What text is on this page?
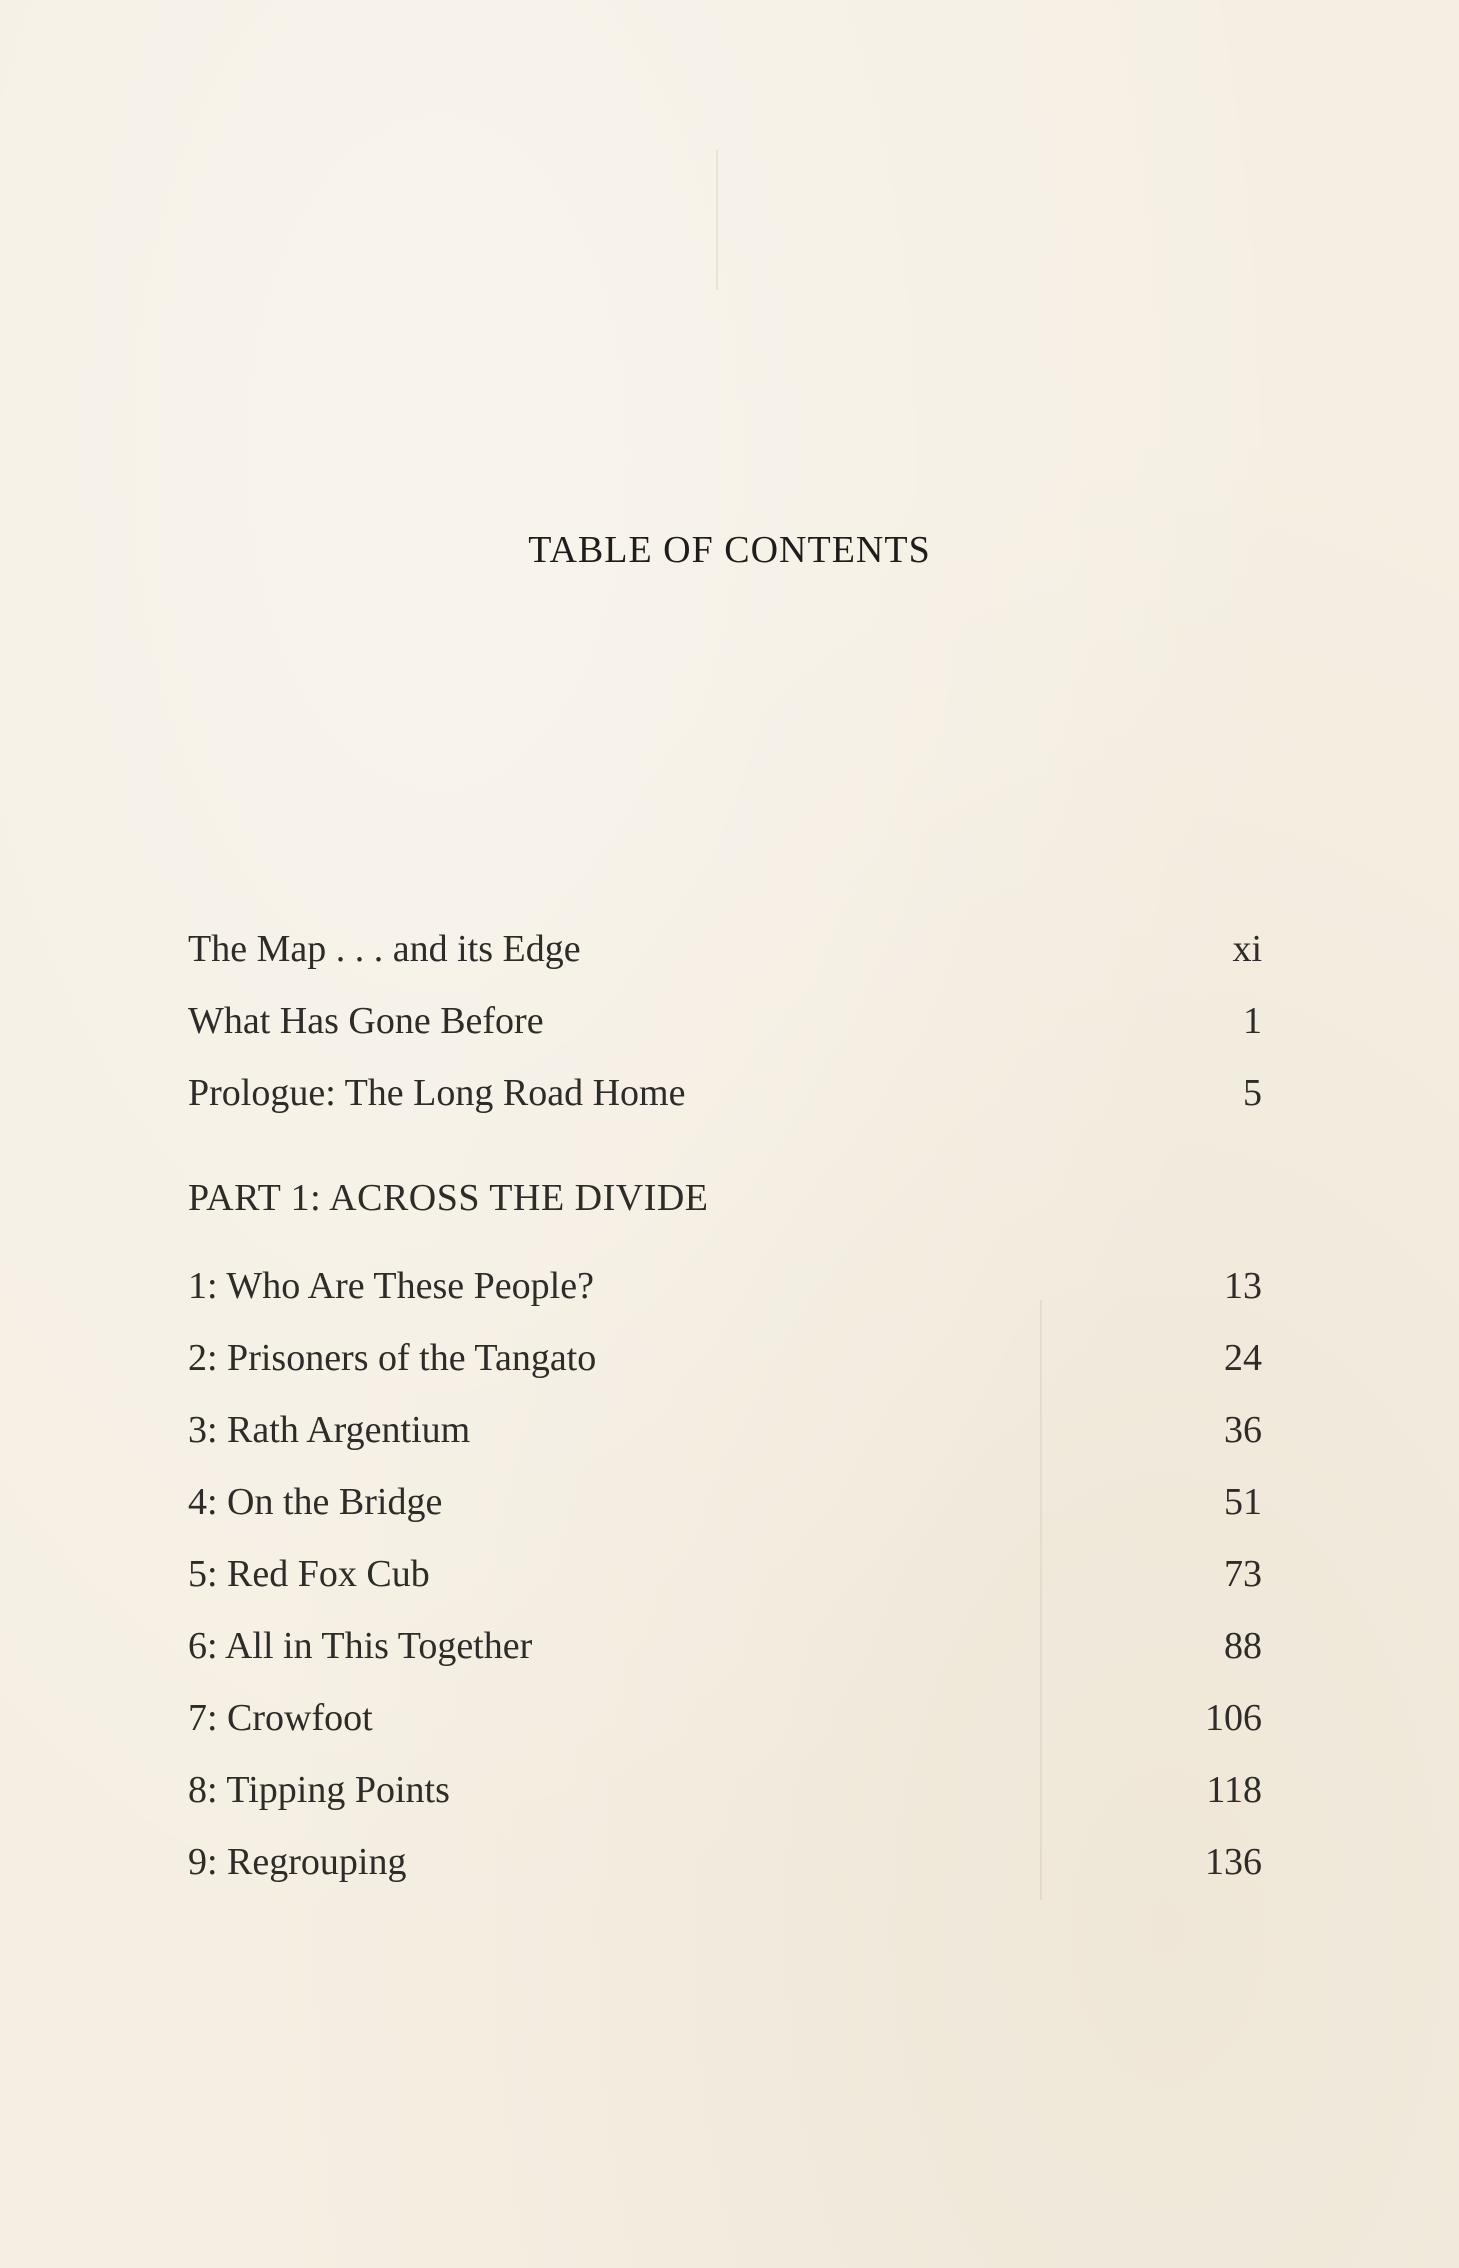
TABLE OF CONTENTS
The Map . . . and its Edge	xi
What Has Gone Before	1
Prologue: The Long Road Home	5
PART 1: ACROSS THE DIVIDE
1: Who Are These People?	13
2: Prisoners of the Tangato	24
3: Rath Argentium	36
4: On the Bridge	51
5: Red Fox Cub	73
6: All in This Together	88
7: Crowfoot	106
8: Tipping Points	118
9: Regrouping	136
